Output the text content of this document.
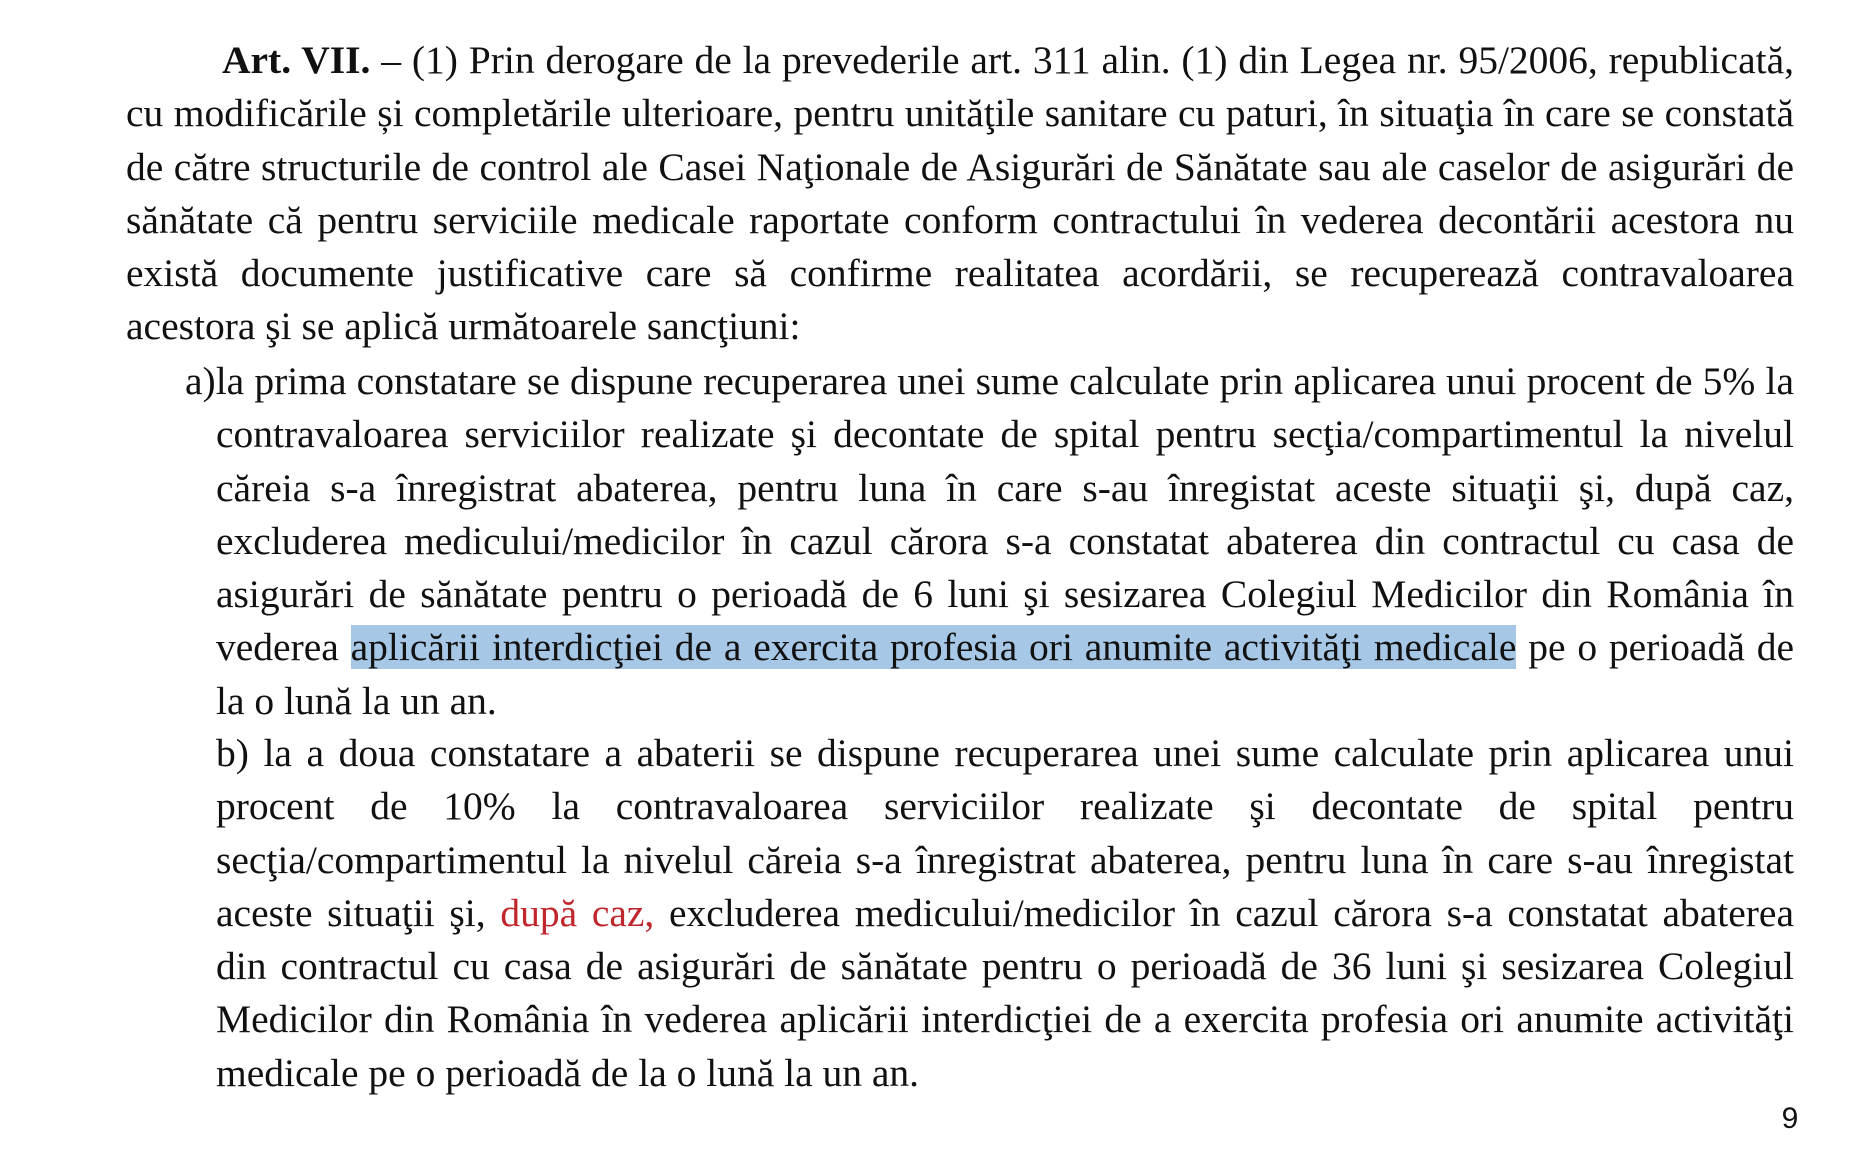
Art. VII. – (1) Prin derogare de la prevederile art. 311 alin. (1) din Legea nr. 95/2006, republicată, cu modificările și completările ulterioare, pentru unităţile sanitare cu paturi, în situaţia în care se constată de către structurile de control ale Casei Naţionale de Asigurări de Sănătate sau ale caselor de asigurări de sănătate că pentru serviciile medicale raportate conform contractului în vederea decontării acestora nu există documente justificative care să confirme realitatea acordării, se recuperează contravaloarea acestora şi se aplică următoarele sancţiuni:
a)la prima constatare se dispune recuperarea unei sume calculate prin aplicarea unui procent de 5% la contravaloarea serviciilor realizate şi decontate de spital pentru secţia/compartimentul la nivelul căreia s-a înregistrat abaterea, pentru luna în care s-au înregistat aceste situaţii şi, după caz, excluderea medicului/medicilor în cazul cărora s-a constatat abaterea din contractul cu casa de asigurări de sănătate pentru o perioadă de 6 luni şi sesizarea Colegiul Medicilor din România în vederea aplicării interdicţiei de a exercita profesia ori anumite activităţi medicale pe o perioadă de la o lună la un an.
b) la a doua constatare a abaterii se dispune recuperarea unei sume calculate prin aplicarea unui procent de 10% la contravaloarea serviciilor realizate şi decontate de spital pentru secţia/compartimentul la nivelul căreia s-a înregistrat abaterea, pentru luna în care s-au înregistat aceste situaţii şi, după caz, excluderea medicului/medicilor în cazul cărora s-a constatat abaterea din contractul cu casa de asigurări de sănătate pentru o perioadă de 36 luni şi sesizarea Colegiul Medicilor din România în vederea aplicării interdicţiei de a exercita profesia ori anumite activităţi medicale pe o perioadă de la o lună la un an.
9
